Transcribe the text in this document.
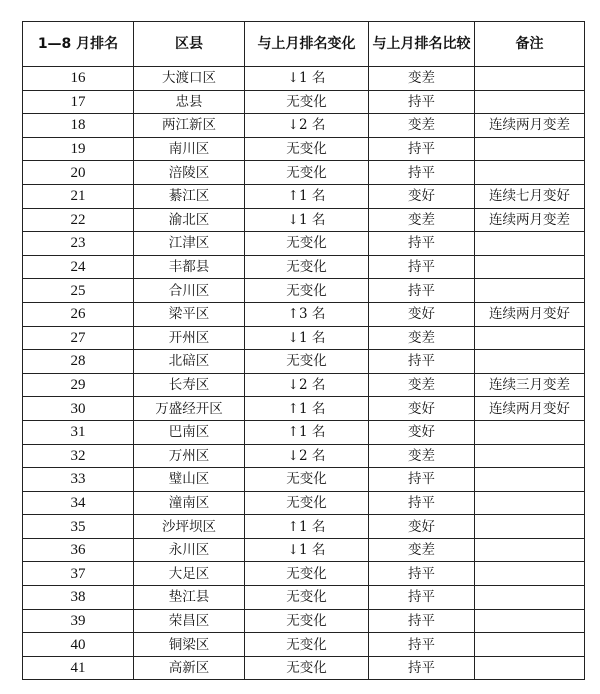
1—8 月排名	区县	与上月排名变化	与上月排名比较	备注
16	大渡口区	↓1 名	变差	
17	忠县	无变化	持平	
18	两江新区	↓2 名	变差	连续两月变差
19	南川区	无变化	持平	
20	涪陵区	无变化	持平	
21	綦江区	↑1 名	变好	连续七月变好
22	渝北区	↓1 名	变差	连续两月变差
23	江津区	无变化	持平	
24	丰都县	无变化	持平	
25	合川区	无变化	持平	
26	梁平区	↑3 名	变好	连续两月变好
27	开州区	↓1 名	变差	
28	北碚区	无变化	持平	
29	长寿区	↓2 名	变差	连续三月变差
30	万盛经开区	↑1 名	变好	连续两月变好
31	巴南区	↑1 名	变好	
32	万州区	↓2 名	变差	
33	璧山区	无变化	持平	
34	潼南区	无变化	持平	
35	沙坪坝区	↑1 名	变好	
36	永川区	↓1 名	变差	
37	大足区	无变化	持平	
38	垫江县	无变化	持平	
39	荣昌区	无变化	持平	
40	铜梁区	无变化	持平	
41	高新区	无变化	持平	
